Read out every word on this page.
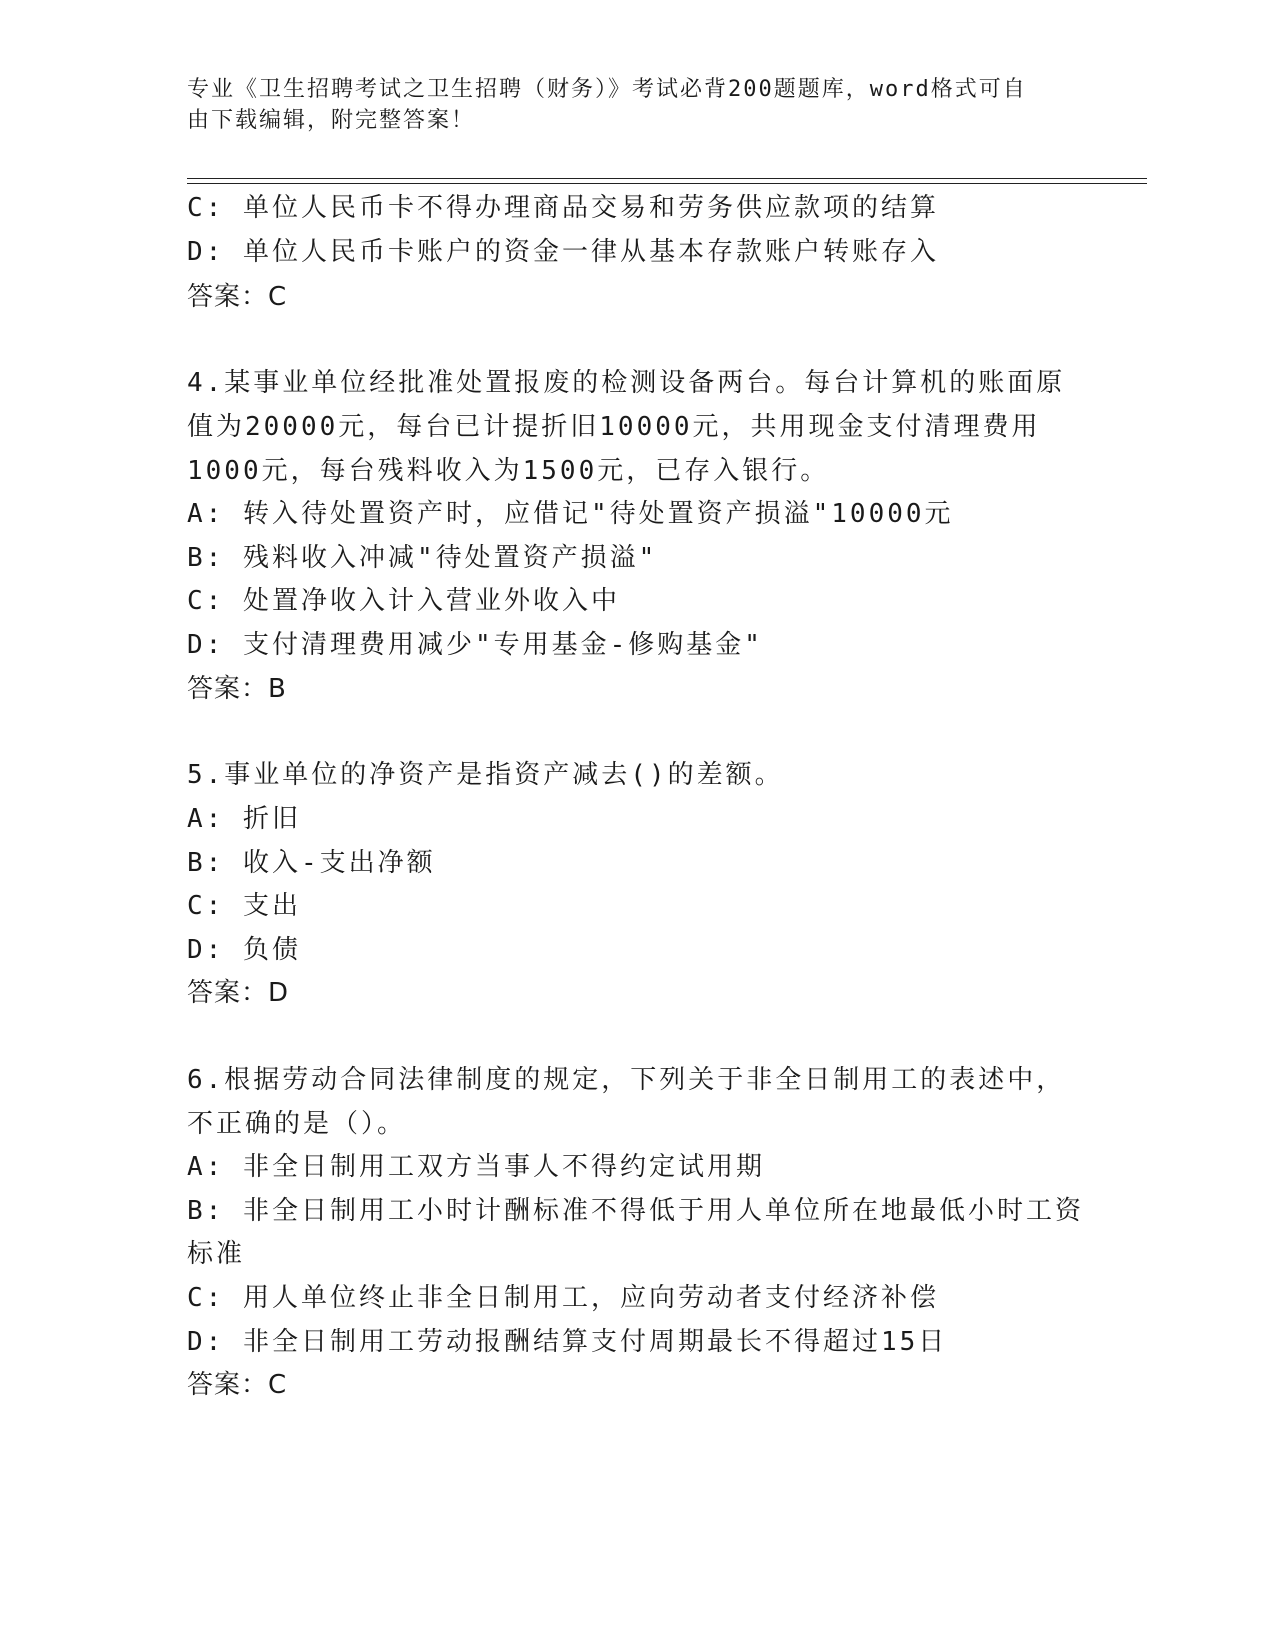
专业《卫生招聘考试之卫生招聘（财务）》考试必背200题题库，word格式可自
由下载编辑，附完整答案！
C: 单位人民币卡不得办理商品交易和劳务供应款项的结算
D: 单位人民币卡账户的资金一律从基本存款账户转账存入
答案：C
4.某事业单位经批准处置报废的检测设备两台。每台计算机的账面原
值为20000元，每台已计提折旧10000元，共用现金支付清理费用
1000元，每台残料收入为1500元，已存入银行。
A: 转入待处置资产时，应借记"待处置资产损溢"10000元
B: 残料收入冲减"待处置资产损溢"
C: 处置净收入计入营业外收入中
D: 支付清理费用减少"专用基金-修购基金"
答案：B
5.事业单位的净资产是指资产减去()的差额。
A: 折旧
B: 收入-支出净额
C: 支出
D: 负债
答案：D
6.根据劳动合同法律制度的规定，下列关于非全日制用工的表述中，
不正确的是（）。
A: 非全日制用工双方当事人不得约定试用期
B: 非全日制用工小时计酬标准不得低于用人单位所在地最低小时工资
标准
C: 用人单位终止非全日制用工，应向劳动者支付经济补偿
D: 非全日制用工劳动报酬结算支付周期最长不得超过15日
答案：C
